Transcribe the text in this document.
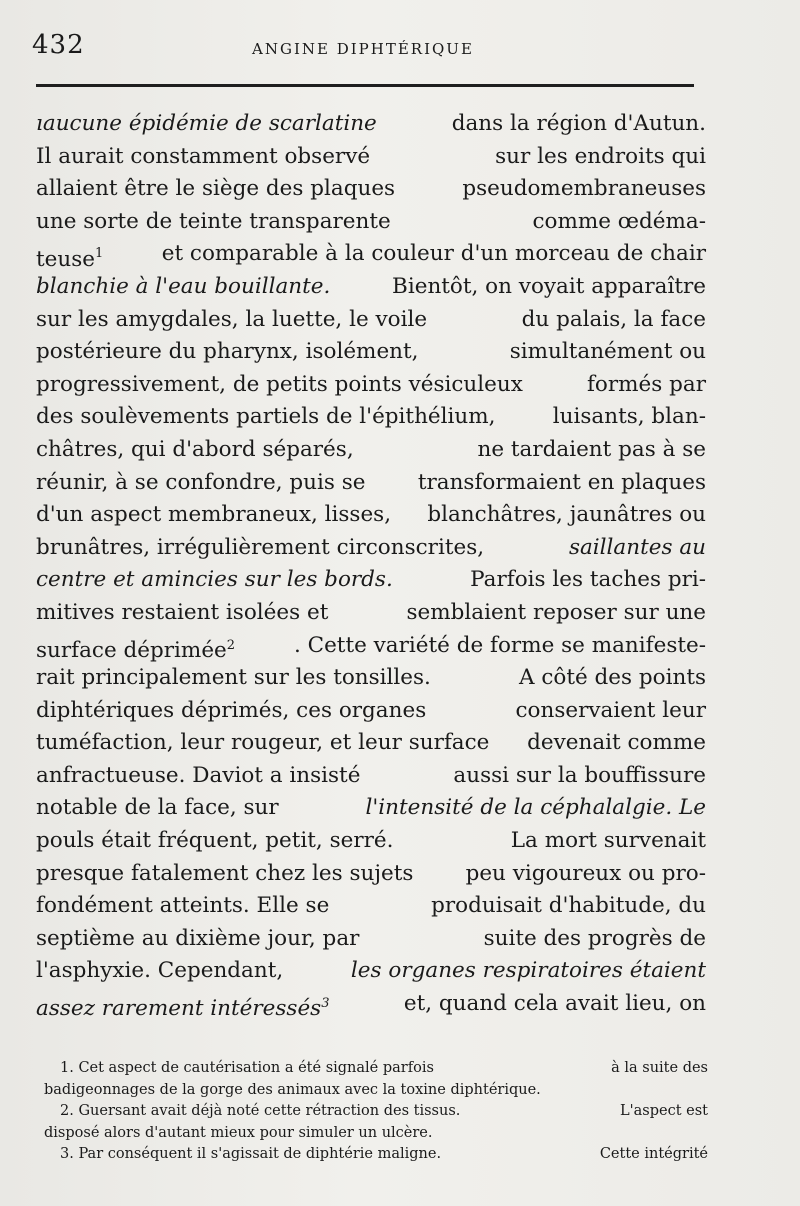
432	ANGINE DIPHTÉRIQUE
ıaucune épidémie de scarlatine	dans la région d'Autun.
Il aurait constamment observé	sur les endroits qui
allaient être le siège des plaques	pseudomembraneuses
une sorte de teinte transparente	comme œdéma-
teuse$^1$	et comparable à la couleur d'un morceau de chair
blanchie à l'eau bouillante.	Bientôt, on voyait apparaître
sur les amygdales, la luette, le voile	du palais, la face
postérieure du pharynx, isolément,	simultanément ou
progressivement, de petits points vésiculeux	formés par
des soulèvements partiels de l'épithélium,	luisants, blan-
châtres, qui d'abord séparés,	ne tardaient pas à se
réunir, à se confondre, puis se transformaient en plaques
d'un aspect membraneux, lisses, blanchâtres, jaunâtres ou
brunâtres, irrégulièrement circonscrites,	saillantes au
centre et amincies sur les bords.	Parfois les taches pri-
mitives restaient isolées et	semblaient reposer sur une
surface déprimée$^2$	. Cette variété de forme se manifeste-
rait principalement sur les tonsilles.	A côté des points
diphtériques déprimés, ces organes	conservaient leur
tuméfaction, leur rougeur, et leur surface devenait comme
anfractueuse. Daviot a insisté	aussi sur la bouffissure
notable de la face, sur	l'intensité de la céphalalgie. Le
pouls était fréquent, petit, serré.	La mort survenait
presque fatalement chez les sujets peu vigoureux ou pro-
fondément atteints. Elle se	produisait d'habitude, du
septième au dixième jour, par	suite des progrès de
l'asphyxie. Cependant,	les organes respiratoires étaient
assez rarement intéressés$^3$	et, quand cela avait lieu, on
1. Cet aspect de cautérisation a été signalé parfois	à la suite des
badigeonnages de la gorge des animaux avec la toxine diphtérique.
2. Guersant avait déjà noté cette rétraction des tissus.	L'aspect est
disposé alors d'autant mieux pour simuler un ulcère.
3. Par conséquent il s'agissait de diphtérie maligne.	Cette intégrité
